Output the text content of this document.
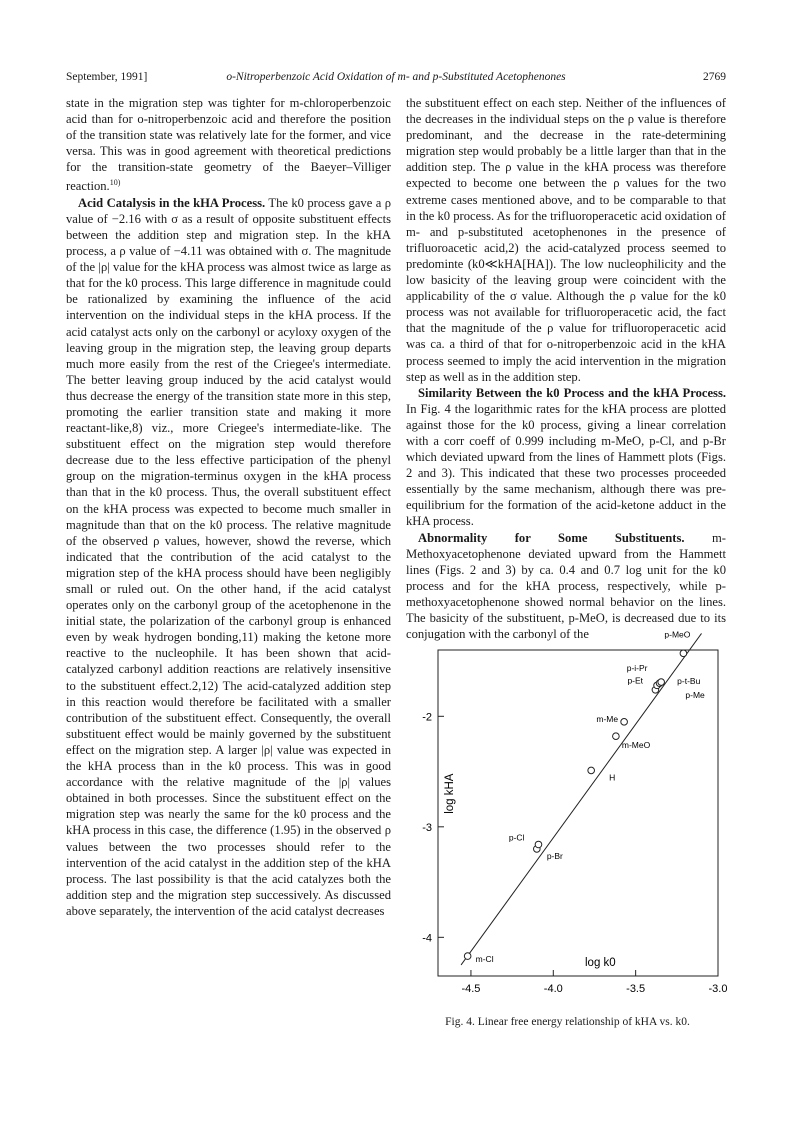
September, 1991]	o-Nitroperbenzoic Acid Oxidation of m- and p-Substituted Acetophenones	2769

state in the migration step was tighter for m-chloroperbenzoic acid than for o-nitroperbenzoic acid and therefore the position of the transition state was relatively late for the former, and vice versa. This was in good agreement with theoretical predictions for the transition-state geometry of the Baeyer–Villiger reaction.$^{10)}$

Acid Catalysis in the kHA Process. The k0 process gave a ρ value of −2.16 with σ as a result of opposite substituent effects between the addition step and migration step. In the kHA process, a ρ value of −4.11 was obtained with σ. The magnitude of the |ρ| value for the kHA process was almost twice as large as that for the k0 process. This large difference in magnitude could be rationalized by examining the influence of the acid intervention on the individual steps in the kHA process. If the acid catalyst acts only on the carbonyl or acyloxy oxygen of the leaving group in the migration step, the leaving group departs much more easily from the rest of the Criegee's intermediate. The better leaving group induced by the acid catalyst would thus decrease the energy of the transition state more in this step, promoting the earlier transition state and making it more reactant-like,8) viz., more Criegee's intermediate-like. The substituent effect on the migration step would therefore decrease due to the less effective participation of the phenyl group on the migration-terminus oxygen in the kHA process than that in the k0 process. Thus, the overall substituent effect on the kHA process was expected to become much smaller in magnitude than that on the k0 process. The relative magnitude of the observed ρ values, however, showd the reverse, which indicated that the contribution of the acid catalyst to the migration step of the kHA process should have been negligibly small or ruled out. On the other hand, if the acid catalyst operates only on the carbonyl group of the acetophenone in the initial state, the polarization of the carbonyl group is enhanced even by weak hydrogen bonding,11) making the ketone more reactive to the nucleophile. It has been shown that acid-catalyzed carbonyl addition reactions are relatively insensitive to the substituent effect.2,12) The acid-catalyzed addition step in this reaction would therefore be facilitated with a smaller contribution of the substituent effect. Consequently, the overall substituent effect would be mainly governed by the substituent effect on the migration step. A larger |ρ| value was expected in the kHA process than in the k0 process. This was in good accordance with the relative magnitude of the |ρ| values obtained in both processes. Since the substituent effect on the migration step was nearly the same for the k0 process and the kHA process in this case, the difference (1.95) in the observed ρ values between the two processes should refer to the intervention of the acid catalyst in the addition step of the kHA process. The last possibility is that the acid catalyzes both the addition step and the migration step successively. As discussed above separately, the intervention of the acid catalyst decreases

the substituent effect on each step. Neither of the influences of the decreases in the individual steps on the ρ value is therefore predominant, and the decrease in the rate-determining migration step would probably be a little larger than that in the addition step. The ρ value in the kHA process was therefore expected to become one between the ρ values for the two extreme cases mentioned above, and to be comparable to that in the k0 process. As for the trifluoroperacetic acid oxidation of m- and p-substituted acetophenones in the presence of trifluoroacetic acid,2) the acid-catalyzed process seemed to predominte (k0≪kHA[HA]). The low nucleophilicity and the low basicity of the leaving group were coincident with the applicability of the σ value. Although the ρ value for the k0 process was not available for trifluoroperacetic acid, the fact that the magnitude of the ρ value for trifluoroperacetic acid was ca. a third of that for o-nitroperbenzoic acid in the kHA process seemed to imply the acid intervention in the migration step as well as in the addition step.

Similarity Between the k0 Process and the kHA Process. In Fig. 4 the logarithmic rates for the kHA process are plotted against those for the k0 process, giving a linear correlation with a corr coeff of 0.999 including m-MeO, p-Cl, and p-Br which deviated upward from the lines of Hammett plots (Figs. 2 and 3). This indicated that these two processes proceeded essentially by the same mechanism, although there was pre-equilibrium for the formation of the acid-ketone adduct in the kHA process.

Abnormality for Some Substituents. m-Methoxyacetophenone deviated upward from the Hammett lines (Figs. 2 and 3) by ca. 0.4 and 0.7 log unit for the k0 process and for the kHA process, respectively, while p-methoxyacetophenone showed normal behavior on the lines. The basicity of the substituent, p-MeO, is decreased due to its conjugation with the carbonyl of the

-4.5	-4.0	-3.5	-3.0
-2
-3
-4
m-Cl
p-Br
p-Cl
H
m-MeO
m-Me
p-Me
p-Et
p-i-Pr
p-t-Bu
p-MeO
log k0
log kHA
Fig. 4. Linear free energy relationship of kHA vs. k0.
